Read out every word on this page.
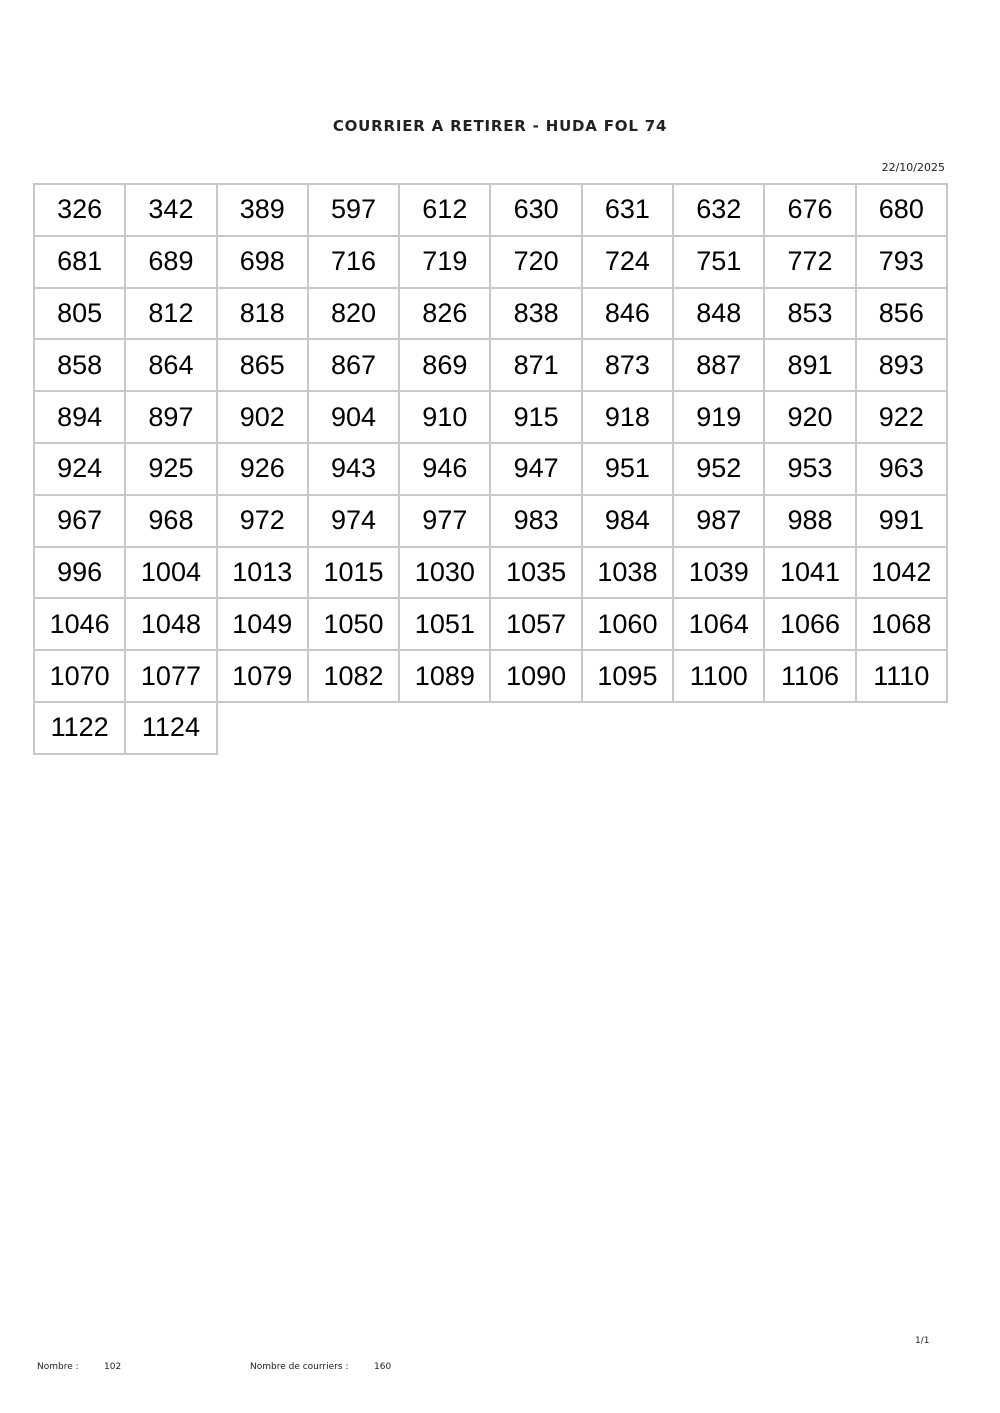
COURRIER A RETIRER - HUDA FOL 74
22/10/2025
326	342	389	597	612	630	631	632	676	680
681	689	698	716	719	720	724	751	772	793
805	812	818	820	826	838	846	848	853	856
858	864	865	867	869	871	873	887	891	893
894	897	902	904	910	915	918	919	920	922
924	925	926	943	946	947	951	952	953	963
967	968	972	974	977	983	984	987	988	991
996	1004	1013	1015	1030	1035	1038	1039	1041	1042
1046	1048	1049	1050	1051	1057	1060	1064	1066	1068
1070	1077	1079	1082	1089	1090	1095	1100	1106	1110
1122	1124								
1/1
Nombre :	102	Nombre de courriers :	160
